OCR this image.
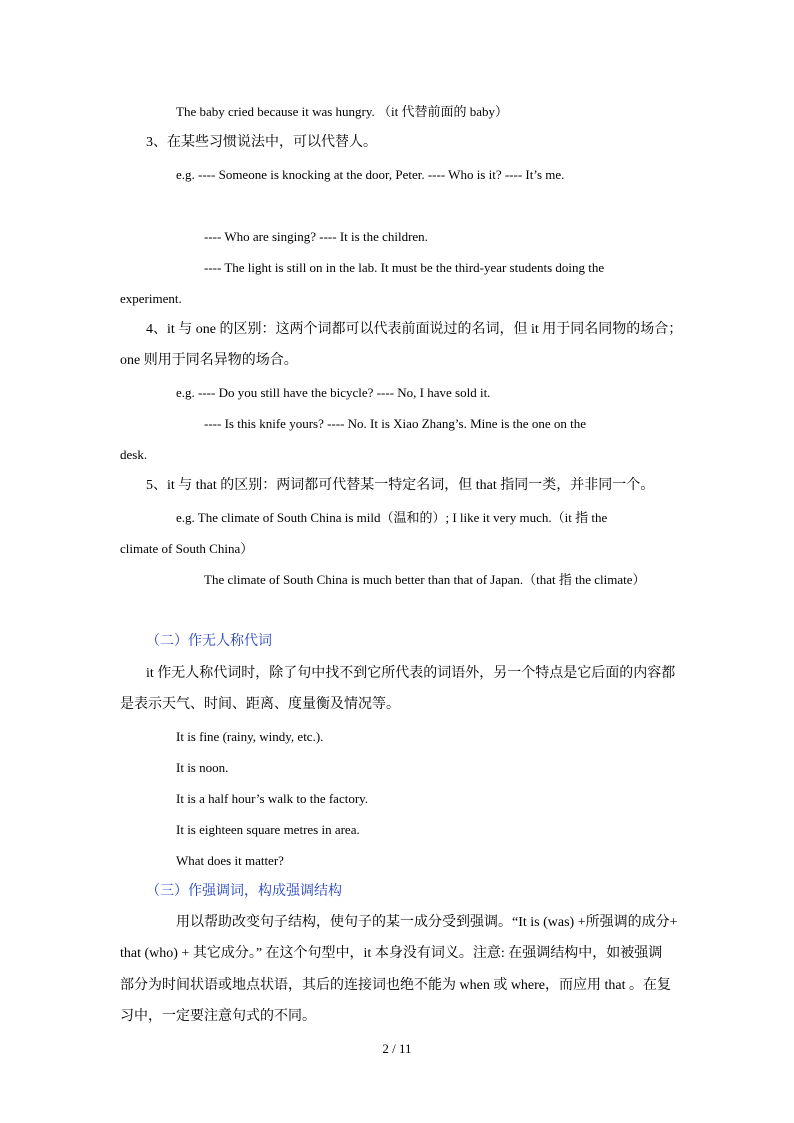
The baby cried because it was hungry. （it 代替前面的 baby）
3、在某些习惯说法中，可以代替人。
e.g. ---- Someone is knocking at the door, Peter. ---- Who is it? ---- It’s me.
---- Who are singing? ---- It is the children.
---- The light is still on in the lab. It must be the third-year students doing the
experiment.
4、it 与 one 的区别：这两个词都可以代表前面说过的名词，但 it 用于同名同物的场合；
one 则用于同名异物的场合。
e.g. ---- Do you still have the bicycle? ---- No, I have sold it.
---- Is this knife yours? ---- No. It is Xiao Zhang’s. Mine is the one on the
desk.
5、it 与 that 的区别：两词都可代替某一特定名词，但 that 指同一类，并非同一个。
e.g. The climate of South China is mild（温和的）; I like it very much.（it 指 the
climate of South China）
The climate of South China is much better than that of Japan.（that 指 the climate）
（二）作无人称代词
it 作无人称代词时，除了句中找不到它所代表的词语外，另一个特点是它后面的内容都
是表示天气、时间、距离、度量衡及情况等。
It is fine (rainy, windy, etc.).
It is noon.
It is a half hour’s walk to the factory.
It is eighteen square metres in area.
What does it matter?
（三）作强调词，构成强调结构
用以帮助改变句子结构，使句子的某一成分受到强调。“It is (was) +所强调的成分+
that (who) + 其它成分。” 在这个句型中，it 本身没有词义。注意: 在强调结构中，如被强调
部分为时间状语或地点状语，其后的连接词也绝不能为 when 或 where，而应用 that 。在复
习中，一定要注意句式的不同。
2 / 11
